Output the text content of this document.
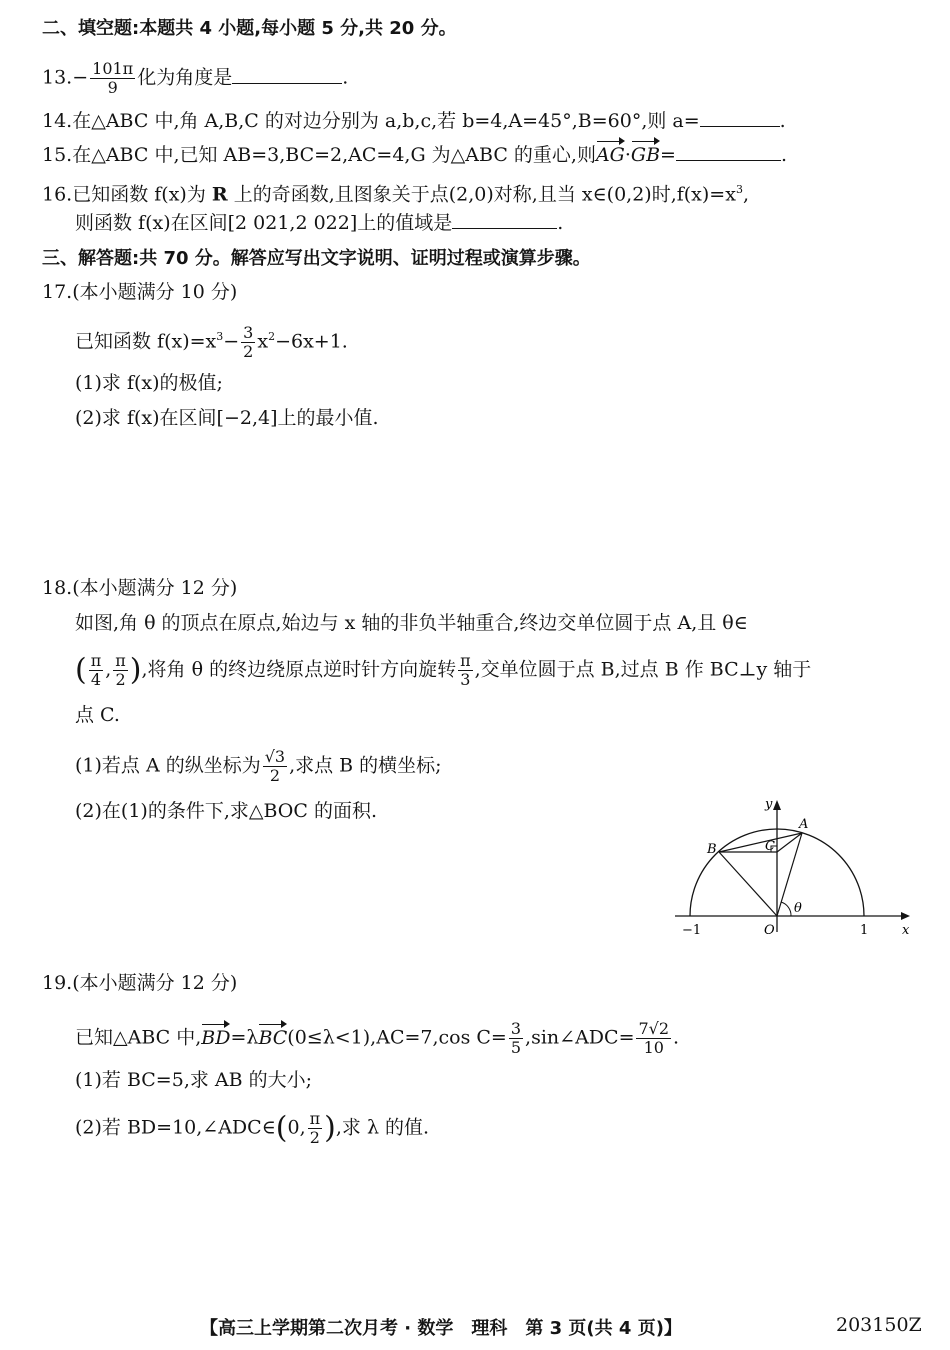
二、填空题:本题共 4 小题,每小题 5 分,共 20 分。
$13.- \frac{101\pi}{9}$ 化为角度是	.
14.在△ABC 中,角 A,B,C 的对边分别为 a,b,c,若 b=4,A=45°,B=60°,则 a=	.
15.在△ABC 中,已知 AB=3,BC=2,AC=4,G 为△ABC 的重心,则AG·GB=	.
16.已知函数 f(x)为 R 上的奇函数,且图象关于点(2,0)对称,且当 x∈(0,2)时$,f(x)=x^3$,
则函数 f(x)在区间[2 021,2 022]上的值域是	.
三、解答题:共 70 分。解答应写出文字说明、证明过程或演算步骤。
17.(本小题满分 10 分)
已知函数 $f(x)=x^3- \frac{3}{2} x^2-6x+1$.
(1)求 f(x)的极值;
(2)求 f(x)在区间[−2,4]上的最小值.
18.(本小题满分 12 分)
如图,角 θ 的顶点在原点,始边与 x 轴的非负半轴重合,终边交单位圆于点 A,且 θ∈
( $\frac{\pi}{4}$ , $\frac{\pi}{2}$ ),将角 θ 的终边绕原点逆时针方向旋转 $\frac{\pi}{3}$ ,交单位圆于点 B,过点 B 作 BC⊥y 轴于
点 C.
(1)若点 A 的纵坐标为 $\frac{√3}{2}$ ,求点 B 的横坐标;
(2)在(1)的条件下,求△BOC 的面积.	y
x
A
B	C
O
θ
−1	1
19.(本小题满分 12 分)
已知△ABC 中,BD=λBC(0≤λ<1),AC=7,cos $C= \frac{3}{5}$ ,sin∠ADC= $\frac{7√2}{10}$ .
(1)若 BC=5,求 AB 的大小;
(2)若 BD=10,∠ADC∈(0, $\frac{\pi}{2}$ ),求 λ 的值.
【高三上学期第二次月考 · 数学　理科　第 3 页(共 4 页)】	203150Z
